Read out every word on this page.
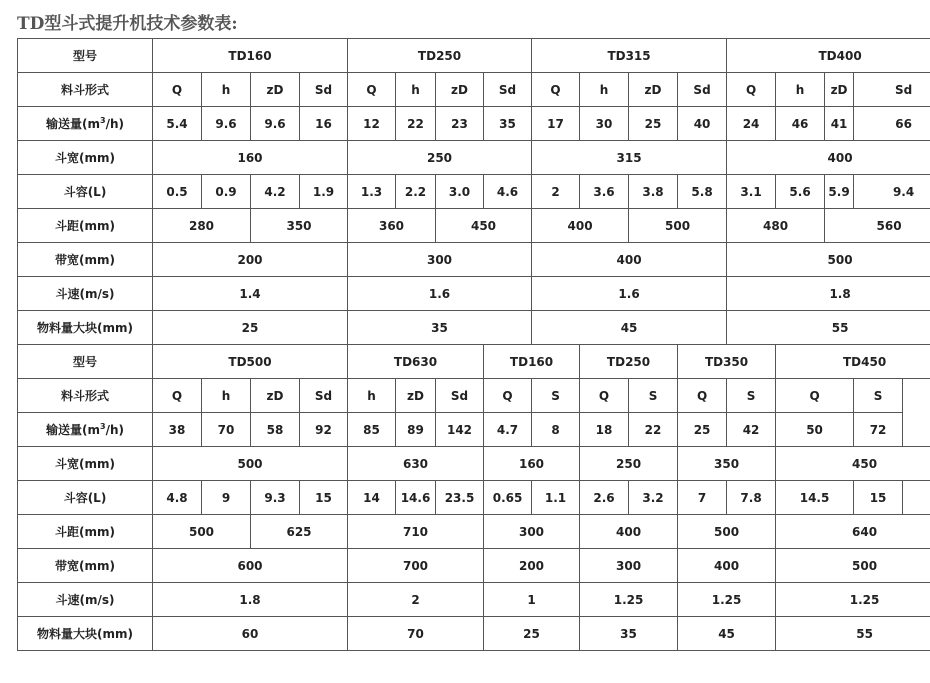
TD型斗式提升机技术参数表:
型号	TD160				TD250				TD315				TD400			
料斗形式	Q	h	zD	Sd	Q	h	zD	Sd	Q	h	zD	Sd	Q	h	zD	Sd
输送量$(m^3/h)$	5.4	9.6	9.6	16	12	22	23	35	17	30	25	40	24	46	41	66
斗宽(mm)	160				250				315				400			
斗容(L)	0.5	0.9	4.2	1.9	1.3	2.2	3.0	4.6	2	3.6	3.8	5.8	3.1	5.6	5.9	9.4
斗距(mm)	280		350		360		450		400		500		480		560	
带宽(mm)	200				300				400				500			
斗速(m/s)	1.4				1.6				1.6				1.8			
物料量大块(mm)	25				35				45				55			
型号	TD500				TD630			TD160		TD250		TD350		TD450		
料斗形式	Q	h	zD	Sd	h	zD	Sd	Q	S	Q	S	Q	S	Q		S
输送量$(m^3/h)$	38	70	58	92	85	89	142	4.7	8	18	22	25	42	50		72
斗宽(mm)	500				630			160		250		350		450		
斗容(L)	4.8	9	9.3	15	14	14.6	23.5	0.65	1.1	2.6	3.2	7	7.8	14.5		15
斗距(mm)	500		625		710			300		400		500		640		
带宽(mm)	600				700			200		300		400		500		
斗速(m/s)	1.8				2			1		1.25		1.25		1.25		
物料量大块(mm)	60				70			25		35		45		55		
